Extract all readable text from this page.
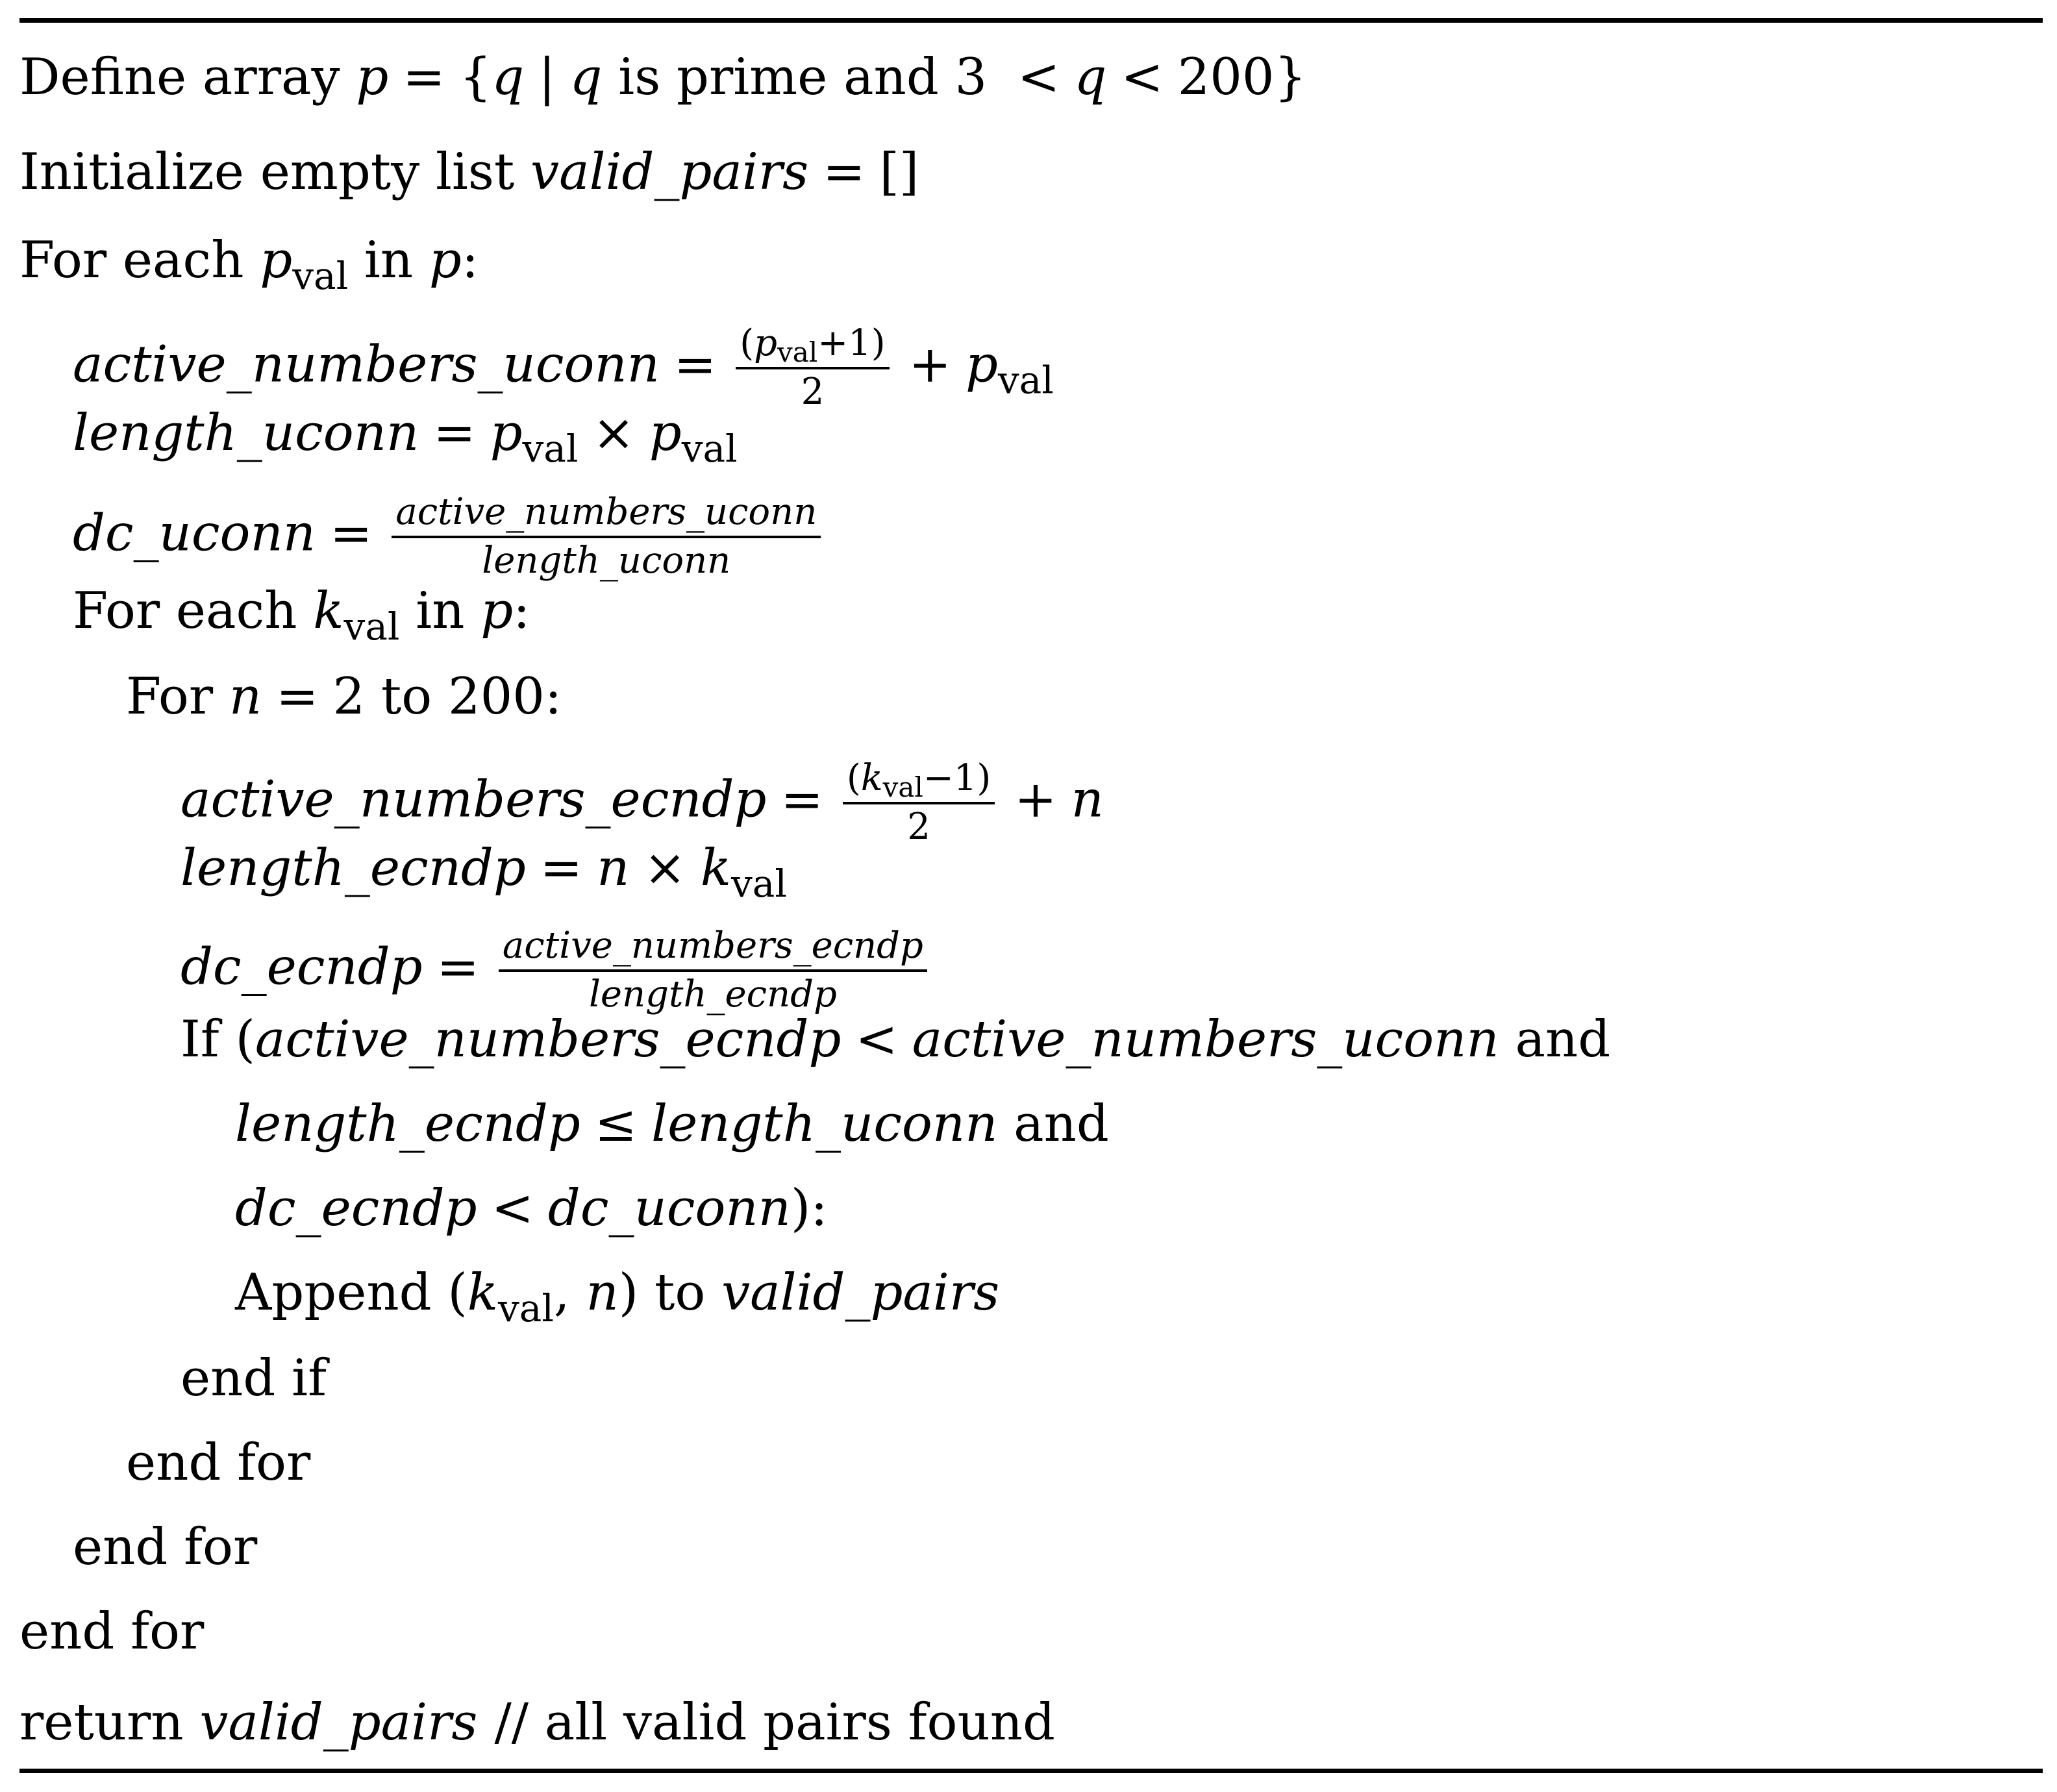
Define array p = {q | q is prime and 3 < q < 200}
Initialize empty list valid_pairs = []
For each $p_{val}$ in p:
active_numbers_uconn = $\frac{(p_{val}+1)}{2} + p_{val}$
length_uconn = $p_{val} \times p_{val}$
dc_uconn = $\frac{\text{active\_numbers\_uconn}}{\text{length\_uconn}}$
For each $k_{val}$ in p:
For n = 2 to 200:
active_numbers_ecndp = $\frac{(k_{val}-1)}{2} + n$
length_ecndp = $n \times k_{val}$
dc_ecndp = $\frac{\text{active\_numbers\_ecndp}}{\text{length\_ecndp}}$
If (active_numbers_ecndp < active_numbers_uconn and
length_ecndp ≤ length_uconn and
dc_ecndp < dc_uconn):
Append ($k_{val}$, n) to valid_pairs
end if
end for
end for
end for
return valid_pairs // all valid pairs found
